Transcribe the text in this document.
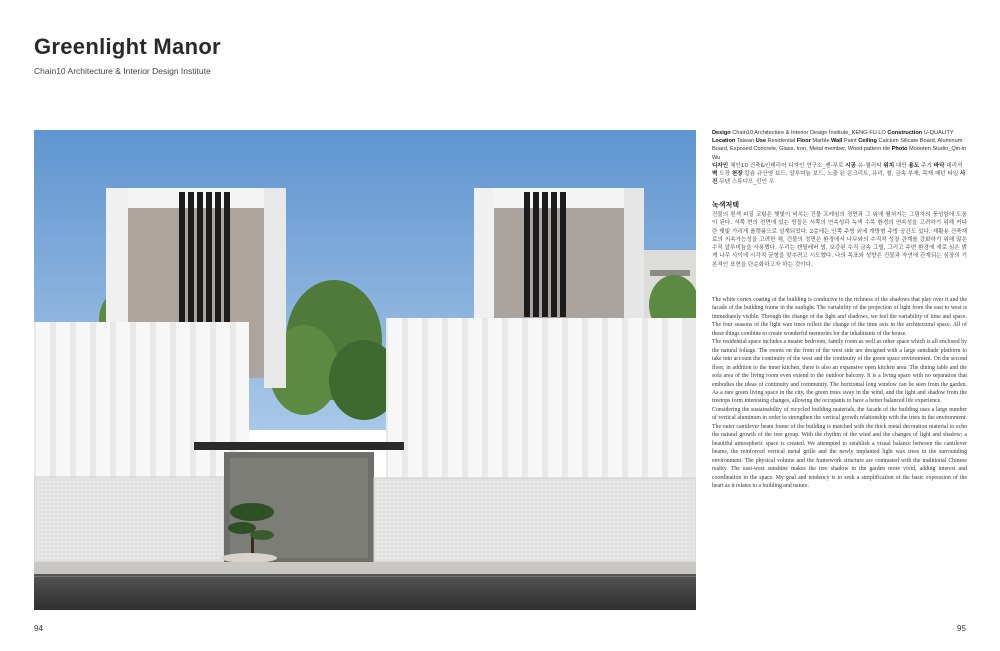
Greenlight Manor
Chain10 Architecture & Interior Design Institute
Design Chain10 Architecture & Interior Design Institute_KENG-FU LO Construction U-QUALITY Location Taiwan Use Residential Floor Marble Wall Paint Ceiling Calcium Silicate Board, Aluminum Board, Exposed Concrete, Glass, Iron, Metal member, Wood pattern tile Photo Moooten Studio_Qin-in Wu
디자인 체인10 건축&인테리어 디자인 연구소_켄-푸로 시공 유-퀄리티 위치 대만 용도 주거 바닥 대리석 벽 도장 천장 칼슘 규산염 보드, 알루미늄 보드, 노출 된 콘크리트, 유리, 철, 금속 부재, 목재 패턴 타일 사진 무텐 스튜디오_킨인 우
녹색저택
건물의 흰색 피질 코팅은 햇빛이 비치는 건물 프레임의 정면과 그 위에 펼쳐지는 그림자의 풍성함에 도움이 된다. 서쪽 면의 전면에 있는 방들은 서쪽의 연속성과 녹색 수목 환경의 연속성을 고려하기 위해 커다란 햇빛 가리개 플랫폼으로 설계되었다. 2층에는 안쪽 주방 외에 개방형 주방 공간도 있다. 재활용 건축재료의 지속가능성을 고려한 채, 건물의 정면은 환경에서 나무와의 수직적 성장 관계를 강화하기 위해 많은 수직 알루미늄을 사용했다. 우리는 캔틸레버 빔, 보강된 수직 금속 그릴, 그리고 주변 환경에 새로 심은 밝게 나무 사이에 시각적 균형을 맞추려고 시도했다. 나의 목표와 성향은 건물과 자연에 관계되는 심장의 기본적인 표현을 단순화하고자 하는 것이다.

The white cortex coating of the building is conducive to the richness of the shadows that play over it and the facade of the building frame in the sunlight. The variability of the projection of light from the east to west is immediately visible. Through the change of the light and shadows, we feel the variability of time and space. The four seasons of the light wax trees reflect the change of the time axis in the architectural space. All of these things combine to create wonderful memories for the inhabitants of the house.

The residential space includes a master bedroom, family room as well as other space which is all enclosed by the natural foliage. The rooms on the front of the west side are designed with a large sunshade platform to take into account the continuity of the west and the continuity of the green space environment. On the second floor, in addition to the inner kitchen, there is also an expansive open kitchen area. The dining table and the sofa area of the living room even extend to the outdoor balcony. It is a living space with no separation that embodies the ideas of continuity and community. The horizontal long window can be seen from the garden. As a rare green living space in the city, the green trees sway in the wind, and the light and shadow from the treetops form interesting changes, allowing the occupants to have a better balanced life experience.

Considering the sustainability of recycled building materials, the facade of the building uses a large number of vertical aluminum in order to strengthen the vertical growth relationship with the trees in the environment. The outer cantilever beam frame of the building is matched with the thick metal decoration material to echo the natural growth of the tree group. With the rhythm of the wind and the changes of light and shadow; a beautiful atmospheric space is created. We attempted to establish a visual balance between the cantilever beams, the reinforced vertical metal grille and the newly implanted light wax trees in the surrounding environment. The physical volume and the framework structure are contrasted with the traditional Chinese reality. The east-west sunshine makes the tree shadow in the garden more vivid, adding interest and coordination in the space. My goal and tendency is to seek a simplification of the basic expression of the heart as it relates to a building and nature.

94	95
